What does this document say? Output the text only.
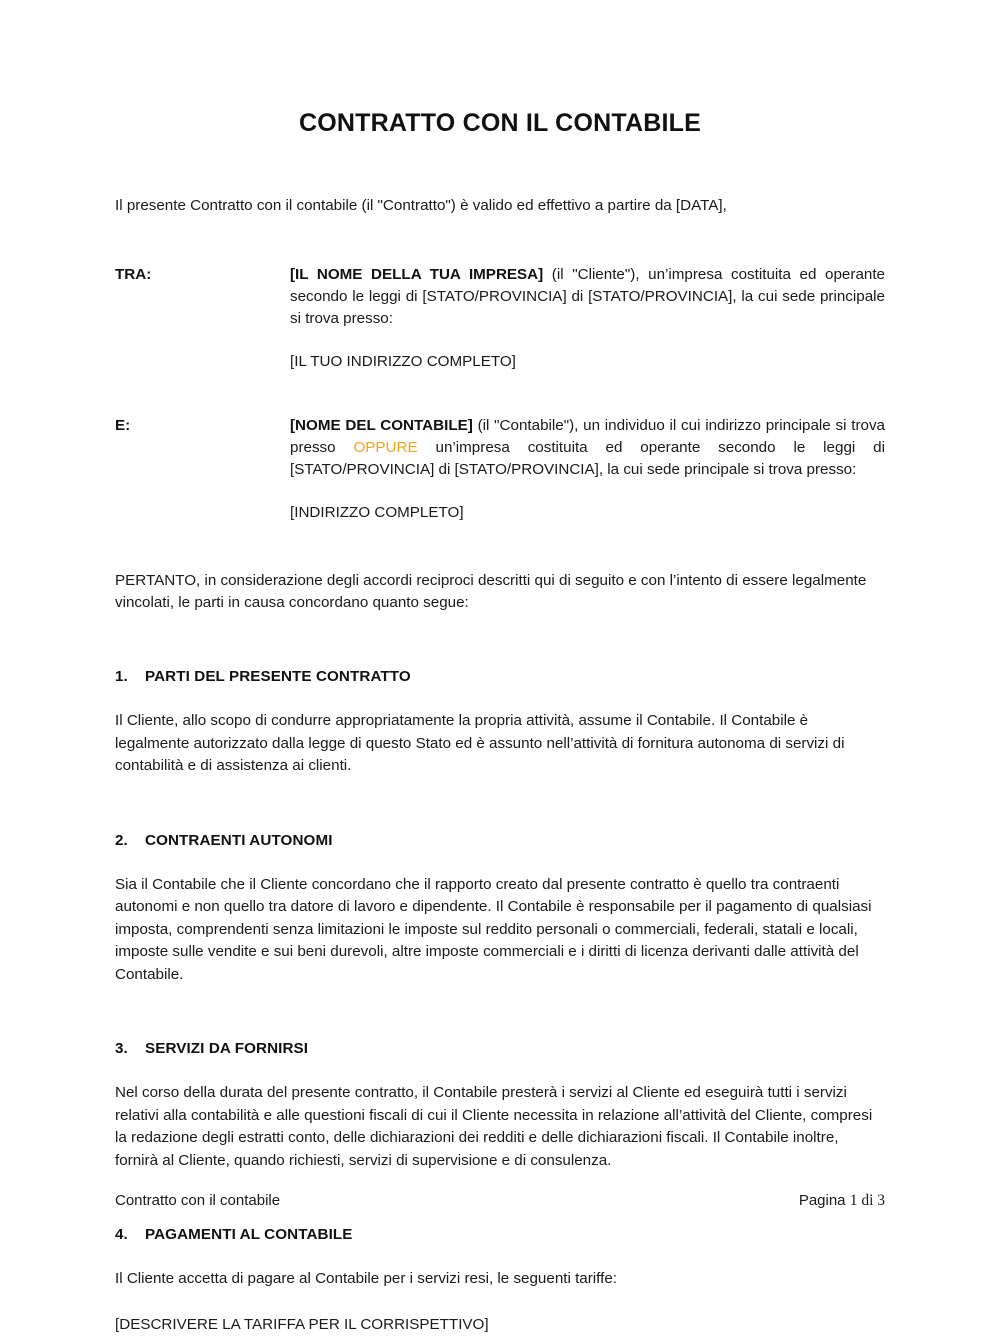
CONTRATTO CON IL CONTABILE

Il presente Contratto con il contabile (il "Contratto") è valido ed effettivo a partire da [DATA],

TRA:	[IL NOME DELLA TUA IMPRESA] (il "Cliente"), un’impresa costituita ed operante secondo le leggi di [STATO/PROVINCIA] di [STATO/PROVINCIA], la cui sede principale si trova presso:
[IL TUO INDIRIZZO COMPLETO]
E:	[NOME DEL CONTABILE] (il "Contabile"), un individuo il cui indirizzo principale si trova presso OPPURE un’impresa costituita ed operante secondo le leggi di [STATO/PROVINCIA] di [STATO/PROVINCIA], la cui sede principale si trova presso:
[INDIRIZZO COMPLETO]

PERTANTO, in considerazione degli accordi reciproci descritti qui di seguito e con l’intento di essere legalmente vincolati, le parti in causa concordano quanto segue:

1.	PARTI DEL PRESENTE CONTRATTO

Il Cliente, allo scopo di condurre appropriatamente la propria attività, assume il Contabile. Il Contabile è legalmente autorizzato dalla legge di questo Stato ed è assunto nell’attività di fornitura autonoma di servizi di contabilità e di assistenza ai clienti.

2.	CONTRAENTI AUTONOMI

Sia il Contabile che il Cliente concordano che il rapporto creato dal presente contratto è quello tra contraenti autonomi e non quello tra datore di lavoro e dipendente. Il Contabile è responsabile per il pagamento di qualsiasi imposta, comprendenti senza limitazioni le imposte sul reddito personali o commerciali, federali, statali e locali, imposte sulle vendite e sui beni durevoli, altre imposte commerciali e i diritti di licenza derivanti dalle attività del Contabile.

3.	SERVIZI DA FORNIRSI

Nel corso della durata del presente contratto, il Contabile presterà i servizi al Cliente ed eseguirà tutti i servizi relativi alla contabilità e alle questioni fiscali di cui il Cliente necessita in relazione all’attività del Cliente, compresi la redazione degli estratti conto, delle dichiarazioni dei redditi e delle dichiarazioni fiscali. Il Contabile inoltre, fornirà al Cliente, quando richiesti, servizi di supervisione e di consulenza.

4.	PAGAMENTI AL CONTABILE

Il Cliente accetta di pagare al Contabile per i servizi resi, le seguenti tariffe:

[DESCRIVERE LA TARIFFA PER IL CORRISPETTIVO]

Contratto con il contabile	Pagina 1 di 3
